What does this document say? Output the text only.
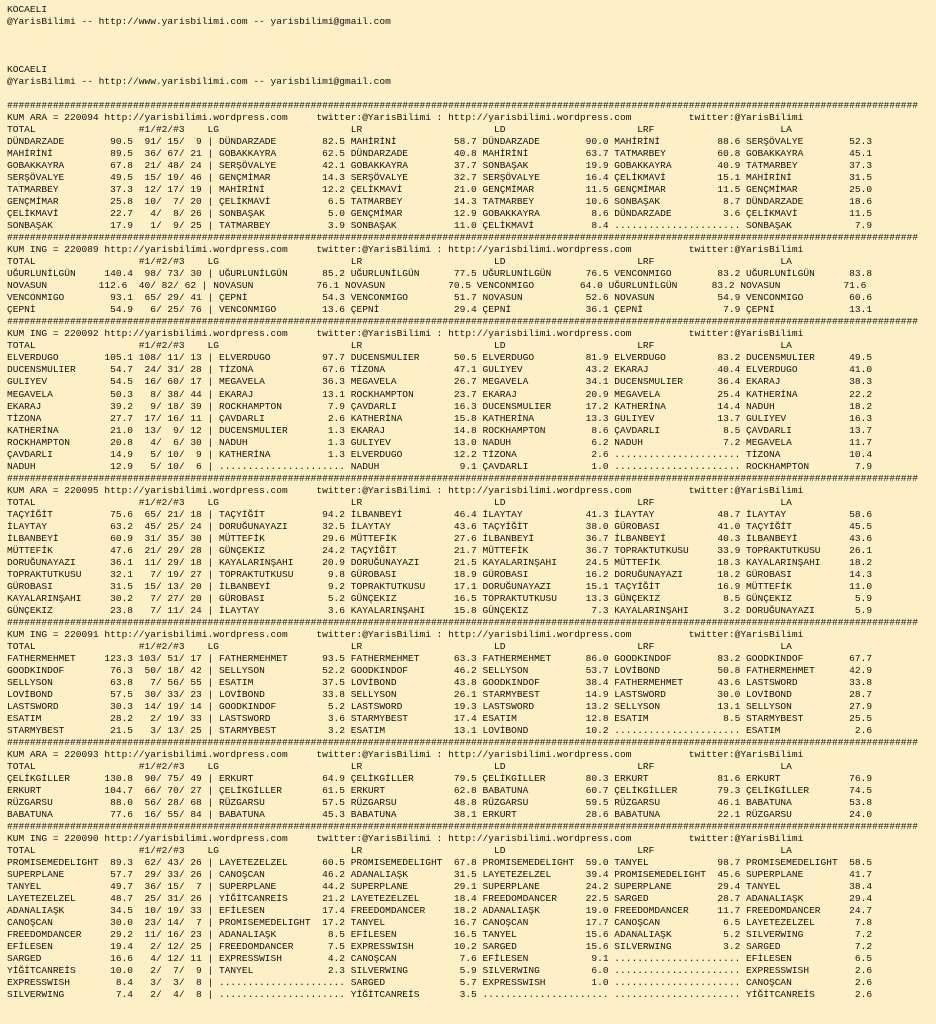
KOCAELI
@YarisBilimi -- http://www.yarisbilimi.com -- yarisbilimi@gmail.com
KOCAELI
@YarisBilimi -- http://www.yarisbilimi.com -- yarisbilimi@gmail.com
###############################################################################################################################################################
KUM ARA = 220094 http://yarisbilimi.wordpress.com     twitter:@YarisBilimi : http://yarisbilimi.wordpress.com          twitter:@YarisBilimi
TOTAL                  #1/#2/#3    LG                       LR                       LD                       LRF                      LA
DÜNDARZADE        90.5  91/ 15/  9 | DÜNDARZADE        82.5 MAHİRİNİ          58.7 DÜNDARZADE        90.0 MAHİRİNİ          88.6 SERŞÖVALYE        52.3
MAHİRİNİ          89.5  36/ 67/ 21 | GOBAKKAYRA        62.5 DÜNDARZADE        40.8 MAHİRİNİ          63.7 TATMARBEY         60.8 GOBAKKAYRA        45.1
GOBAKKAYRA        67.8  21/ 48/ 24 | SERŞÖVALYE        42.1 GOBAKKAYRA        37.7 SONBAŞAK          19.9 GOBAKKAYRA        40.9 TATMARBEY         37.3
SERŞÖVALYE        49.5  15/ 19/ 46 | GENÇMİMAR         14.3 SERŞÖVALYE        32.7 SERŞÖVALYE        16.4 ÇELİKMAVİ         15.1 MAHİRİNİ          31.5
TATMARBEY         37.3  12/ 17/ 19 | MAHİRİNİ          12.2 ÇELİKMAVİ         21.0 GENÇMİMAR         11.5 GENÇMİMAR         11.5 GENÇMİMAR         25.0
GENÇMİMAR         25.8  10/  7/ 20 | ÇELİKMAVİ          6.5 TATMARBEY         14.3 TATMARBEY         10.6 SONBAŞAK           8.7 DÜNDARZADE        18.6
ÇELİKMAVİ         22.7   4/  8/ 26 | SONBAŞAK           5.0 GENÇMİMAR         12.9 GOBAKKAYRA         8.6 DÜNDARZADE         3.6 ÇELİKMAVİ         11.5
SONBAŞAK          17.9   1/  9/ 25 | TATMARBEY          3.9 SONBAŞAK          11.0 ÇELİKMAVİ          8.4 ...................... SONBAŞAK           7.9
###############################################################################################################################################################
KUM ING = 220089 http://yarisbilimi.wordpress.com     twitter:@YarisBilimi : http://yarisbilimi.wordpress.com          twitter:@YarisBilimi
TOTAL                  #1/#2/#3    LG                       LR                       LD                       LRF                      LA
UĞURLUNİLGÜN     140.4  98/ 73/ 30 | UĞURLUNİLGÜN      85.2 UĞURLUNİLGÜN      77.5 UĞURLUNİLGÜN      76.5 VENCONMIGO        83.2 UĞURLUNİLGÜN      83.8
NOVASUN         112.6  40/ 82/ 62 | NOVASUN           76.1 NOVASUN           70.5 VENCONMIGO        64.0 UĞURLUNİLGÜN      83.2 NOVASUN           71.6
VENCONMIGO        93.1  65/ 29/ 41 | ÇEPNİ             54.3 VENCONMIGO        51.7 NOVASUN           52.6 NOVASUN           54.9 VENCONMIGO        60.6
ÇEPNİ             54.9   6/ 25/ 76 | VENCONMIGO        13.6 ÇEPNİ             29.4 ÇEPNİ             36.1 ÇEPNİ              7.9 ÇEPNİ             13.1
###############################################################################################################################################################
KUM ING = 220092 http://yarisbilimi.wordpress.com     twitter:@YarisBilimi : http://yarisbilimi.wordpress.com          twitter:@YarisBilimi
TOTAL                  #1/#2/#3    LG                       LR                       LD                       LRF                      LA
ELVERDUGO        105.1 108/ 11/ 13 | ELVERDUGO         97.7 DUCENSMULIER      50.5 ELVERDUGO         81.9 ELVERDUGO         83.2 DUCENSMULIER      49.5
DUCENSMULIER      54.7  24/ 31/ 28 | TİZONA            67.6 TİZONA            47.1 GULIYEV           43.2 EKARAJ            40.4 ELVERDUGO         41.0
GULIYEV           54.5  16/ 60/ 17 | MEGAVELA          36.3 MEGAVELA          26.7 MEGAVELA          34.1 DUCENSMULIER      36.4 EKARAJ            38.3
MEGAVELA          50.3   8/ 38/ 44 | EKARAJ            13.1 ROCKHAMPTON       23.7 EKARAJ            20.9 MEGAVELA          25.4 KATHERİNA         22.2
EKARAJ            39.2   9/ 18/ 39 | ROCKHAMPTON        7.9 ÇAVDARLI          16.3 DUCENSMULIER      17.2 KATHERİNA         14.4 NADUH             18.2
TİZONA            27.7  17/ 16/ 11 | ÇAVDARLI           2.6 KATHERİNA         15.8 KATHERİNA         13.3 GULIYEV           13.7 GULIYEV           16.3
KATHERİNA         21.0  13/  9/ 12 | DUCENSMULIER       1.3 EKARAJ            14.8 ROCKHAMPTON        8.6 ÇAVDARLI           8.5 ÇAVDARLI          13.7
ROCKHAMPTON       20.8   4/  6/ 30 | NADUH              1.3 GULIYEV           13.0 NADUH              6.2 NADUH              7.2 MEGAVELA          11.7
ÇAVDARLI          14.9   5/ 10/  9 | KATHERİNA          1.3 ELVERDUGO         12.2 TİZONA             2.6 ...................... TİZONA            10.4
NADUH             12.9   5/ 10/  6 | ...................... NADUH              9.1 ÇAVDARLI           1.0 ...................... ROCKHAMPTON        7.9
###############################################################################################################################################################
KUM ARA = 220095 http://yarisbilimi.wordpress.com     twitter:@YarisBilimi : http://yarisbilimi.wordpress.com          twitter:@YarisBilimi
TOTAL                  #1/#2/#3    LG                       LR                       LD                       LRF                      LA
TAÇYİĞİT          75.6  65/ 21/ 18 | TAÇYİĞİT          94.2 İLBANBEYİ         46.4 İLAYTAY           41.3 İLAYTAY           48.7 İLAYTAY           58.6
İLAYTAY           63.2  45/ 25/ 24 | DORUĞUNAYAZI      32.5 İLAYTAY           43.6 TAÇYİĞİT          38.0 GÜROBASI          41.0 TAÇYİĞİT          45.5
İLBANBEYİ         60.9  31/ 35/ 30 | MÜTTEFİK          29.6 MÜTTEFİK          27.6 İLBANBEYİ         36.7 İLBANBEYİ         40.3 İLBANBEYİ         43.6
MÜTTEFİK          47.6  21/ 29/ 28 | GÜNÇEKIZ          24.2 TAÇYİĞİT          21.7 MÜTTEFİK          36.7 TOPRAKTUTKUSU     33.9 TOPRAKTUTKUSU     26.1
DORUĞUNAYAZI      36.1  11/ 29/ 18 | KAYALARINŞAHI     20.9 DORUĞUNAYAZI      21.5 KAYALARINŞAHI     24.5 MÜTTEFİK          18.3 KAYALARINŞAHI     18.2
TOPRAKTUTKUSU     32.1   7/ 19/ 27 | TOPRAKTUTKUSU      9.8 GÜROBASI          18.9 GÜROBASI          16.2 DORUĞUNAYAZI      18.2 GÜROBASI          14.3
GÜROBASI          31.5  15/ 13/ 20 | İLBANBEYİ          9.2 TOPRAKTUTKUSU     17.1 DORUĞUNAYAZI      15.1 TAÇYİĞİT          16.9 MÜTTEFİK          11.0
KAYALARINŞAHI     30.2   7/ 27/ 20 | GÜROBASI           5.2 GÜNÇEKIZ          16.5 TOPRAKTUTKUSU     13.3 GÜNÇEKIZ           8.5 GÜNÇEKIZ           5.9
GÜNÇEKIZ          23.8   7/ 11/ 24 | İLAYTAY            3.6 KAYALARINŞAHI     15.8 GÜNÇEKIZ           7.3 KAYALARINŞAHI      3.2 DORUĞUNAYAZI       5.9
###############################################################################################################################################################
KUM ING = 220091 http://yarisbilimi.wordpress.com     twitter:@YarisBilimi : http://yarisbilimi.wordpress.com          twitter:@YarisBilimi
TOTAL                  #1/#2/#3    LG                       LR                       LD                       LRF                      LA
FATHERMEHMET     123.3 103/ 51/ 17 | FATHERMEHMET      93.5 FATHERMEHMET      63.3 FATHERMEHMET      86.0 GOODKINDOF        83.2 GOODKINDOF        67.7
GOODKINDOF        76.3  50/ 18/ 42 | SELLYSON          52.2 GOODKINDOF        46.2 SELLYSON          53.7 LOVİBOND          50.8 FATHERMEHMET      42.9
SELLYSON          63.8   7/ 56/ 55 | ESATIM            37.5 LOVİBOND          43.8 GOODKINDOF        38.4 FATHERMEHMET      43.6 LASTSWORD         33.8
LOVİBOND          57.5  30/ 33/ 23 | LOVİBOND          33.8 SELLYSON          26.1 STARMYBEST        14.9 LASTSWORD         30.0 LOVİBOND          28.7
LASTSWORD         30.3  14/ 19/ 14 | GOODKINDOF         5.2 LASTSWORD         19.3 LASTSWORD         13.2 SELLYSON          13.1 SELLYSON          27.9
ESATIM            28.2   2/ 19/ 33 | LASTSWORD          3.6 STARMYBEST        17.4 ESATIM            12.8 ESATIM             8.5 STARMYBEST        25.5
STARMYBEST        21.5   3/ 13/ 25 | STARMYBEST         3.2 ESATIM            13.1 LOVİBOND          10.2 ...................... ESATIM             2.6
###############################################################################################################################################################
KUM ARA = 220093 http://yarisbilimi.wordpress.com     twitter:@YarisBilimi : http://yarisbilimi.wordpress.com          twitter:@YarisBilimi
TOTAL                  #1/#2/#3    LG                       LR                       LD                       LRF                      LA
ÇELİKGİLLER      130.8  90/ 75/ 49 | ERKURT            64.9 ÇELİKGİLLER       79.5 ÇELİKGİLLER       80.3 ERKURT            81.6 ERKURT            76.9
ERKURT           104.7  66/ 70/ 27 | ÇELİKGİLLER       61.5 ERKURT            62.8 BABATUNA          60.7 ÇELİKGİLLER       79.3 ÇELİKGİLLER       74.5
RÜZGARSU          88.0  56/ 28/ 68 | RÜZGARSU          57.5 RÜZGARSU          48.8 RÜZGARSU          59.5 RÜZGARSU          46.1 BABATUNA          53.8
BABATUNA          77.6  16/ 55/ 84 | BABATUNA          45.3 BABATUNA          38.1 ERKURT            28.6 BABATUNA          22.1 RÜZGARSU          24.0
###############################################################################################################################################################
KUM ING = 220090 http://yarisbilimi.wordpress.com     twitter:@YarisBilimi : http://yarisbilimi.wordpress.com          twitter:@YarisBilimi
TOTAL                  #1/#2/#3    LG                       LR                       LD                       LRF                      LA
PROMISEMEDELIGHT  89.3  62/ 43/ 26 | LAYETEZELZEL      60.5 PROMISEMEDELIGHT  67.8 PROMISEMEDELIGHT  59.0 TANYEL            98.7 PROMISEMEDELIGHT  58.5
SUPERPLANE        57.7  29/ 33/ 26 | CANOŞCAN          46.2 ADANALIAŞK        31.5 LAYETEZELZEL      39.4 PROMISEMEDELIGHT  45.6 SUPERPLANE        41.7
TANYEL            49.7  36/ 15/  7 | SUPERPLANE        44.2 SUPERPLANE        29.1 SUPERPLANE        24.2 SUPERPLANE        29.4 TANYEL            38.4
LAYETEZELZEL      48.7  25/ 31/ 26 | YİĞİTCANREİS      21.2 LAYETEZELZEL      18.4 FREEDOMDANCER     22.5 SARGED            28.7 ADANALIAŞK        29.4
ADANALIAŞK        34.5  10/ 19/ 33 | EFİLESEN          17.4 FREEDOMDANCER     18.2 ADANALIAŞK        19.0 FREEDOMDANCER     11.7 FREEDOMDANCER     24.7
CANOŞCAN          30.0  23/ 14/  7 | PROMISEMEDELIGHT  17.2 TANYEL            16.7 CANOŞCAN          17.7 CANOŞCAN           6.5 LAYETEZELZEL       7.8
FREEDOMDANCER     29.2  11/ 16/ 23 | ADANALIAŞK         8.5 EFİLESEN          16.5 TANYEL            15.6 ADANALIAŞK         5.2 SILVERWING         7.2
EFİLESEN          19.4   2/ 12/ 25 | FREEDOMDANCER      7.5 EXPRESSWISH       10.2 SARGED            15.6 SILVERWING         3.2 SARGED             7.2
SARGED            16.6   4/ 12/ 11 | EXPRESSWISH        4.2 CANOŞCAN           7.6 EFİLESEN           9.1 ...................... EFİLESEN           6.5
YİĞİTCANREİS      10.0   2/  7/  9 | TANYEL             2.3 SILVERWING         5.9 SILVERWING         6.0 ...................... EXPRESSWISH        2.6
EXPRESSWISH        8.4   3/  3/  8 | ...................... SARGED             5.7 EXPRESSWISH        1.0 ...................... CANOŞCAN           2.6
SILVERWING         7.4   2/  4/  8 | ...................... YİĞİTCANREİS       3.5 ...................... ...................... YİĞİTCANREİS       2.6
